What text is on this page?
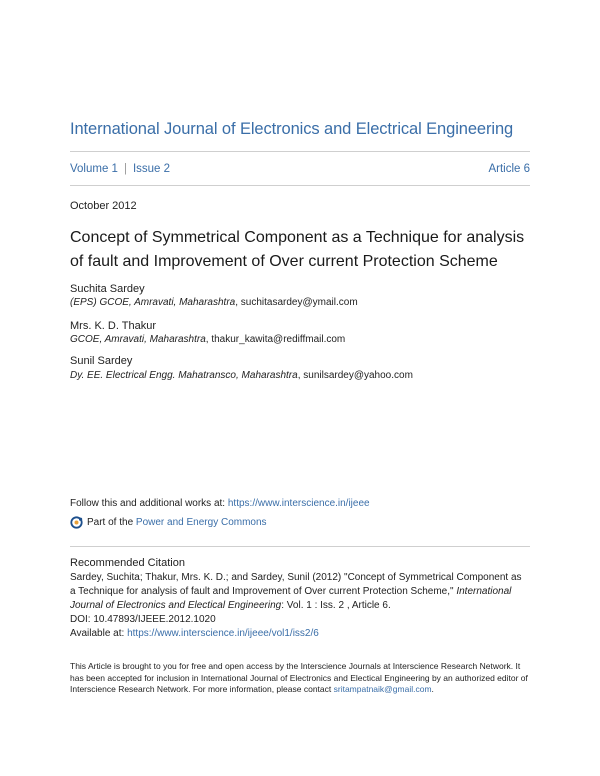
International Journal of Electronics and Electrical Engineering
Volume 1 | Issue 2	Article 6
October 2012
Concept of Symmetrical Component as a Technique for analysis of fault and Improvement of Over current Protection Scheme
Suchita Sardey
(EPS) GCOE, Amravati, Maharashtra, suchitasardey@ymail.com
Mrs. K. D. Thakur
GCOE, Amravati, Maharashtra, thakur_kawita@rediffmail.com
Sunil Sardey
Dy. EE. Electrical Engg. Mahatransco, Maharashtra, sunilsardey@yahoo.com
Follow this and additional works at: https://www.interscience.in/ijeee
Part of the
Power and Energy Commons
Recommended Citation
Sardey, Suchita; Thakur, Mrs. K. D.; and Sardey, Sunil (2012) "Concept of Symmetrical Component as a Technique for analysis of fault and Improvement of Over current Protection Scheme," International Journal of Electronics and Electical Engineering: Vol. 1 : Iss. 2 , Article 6.
DOI: 10.47893/IJEEE.2012.1020
Available at: https://www.interscience.in/ijeee/vol1/iss2/6
This Article is brought to you for free and open access by the Interscience Journals at Interscience Research Network. It has been accepted for inclusion in International Journal of Electronics and Electical Engineering by an authorized editor of Interscience Research Network. For more information, please contact sritampatnaik@gmail.com.
